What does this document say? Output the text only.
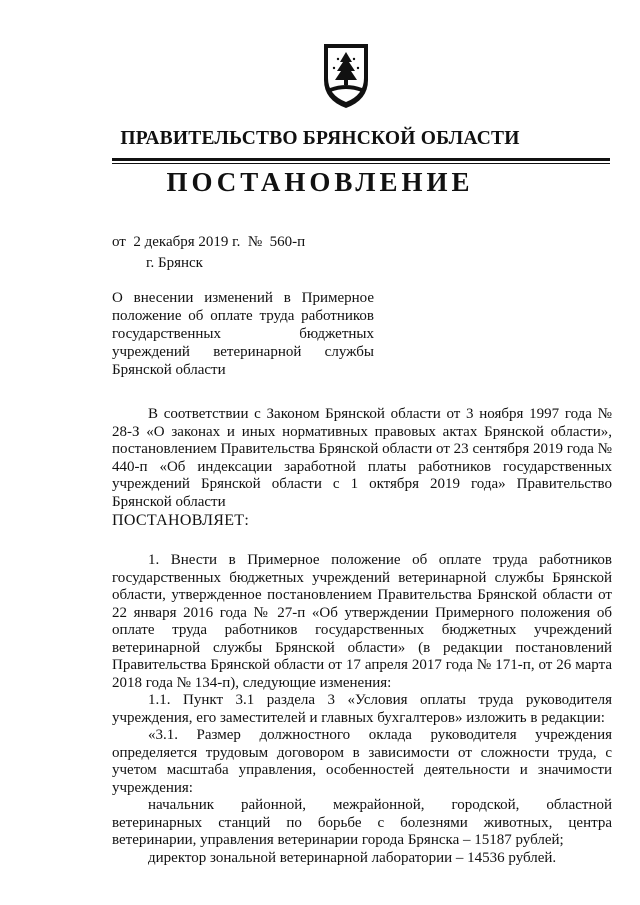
ПРАВИТЕЛЬСТВО БРЯНСКОЙ ОБЛАСТИ
ПОСТАНОВЛЕНИЕ
от  2 декабря 2019 г.  №  560-п
г. Брянск
О внесении изменений в Примерное положение об оплате труда работников государственных бюджетных учреждений ветеринарной службы Брянской области

В соответствии с Законом Брянской области от 3 ноября 1997 года № 28-З «О законах и иных нормативных правовых актах Брянской области», постановлением Правительства Брянской области от 23 сентября 2019 года № 440-п «Об индексации заработной платы работников государственных учреждений Брянской области с 1 октября 2019 года» Правительство Брянской области

ПОСТАНОВЛЯЕТ:

1. Внести в Примерное положение об оплате труда работников государственных бюджетных учреждений ветеринарной службы Брянской области, утвержденное постановлением Правительства Брянской области от 22 января 2016 года № 27-п «Об утверждении Примерного положения об оплате труда работников государственных бюджетных учреждений ветеринарной службы Брянской области» (в редакции постановлений Правительства Брянской области от 17 апреля 2017 года № 171-п, от 26 марта 2018 года № 134-п), следующие изменения:

1.1. Пункт 3.1 раздела 3 «Условия оплаты труда руководителя учреждения, его заместителей и главных бухгалтеров» изложить в редакции:

«3.1. Размер должностного оклада руководителя учреждения определяется трудовым договором в зависимости от сложности труда, с учетом масштаба управления, особенностей деятельности и значимости учреждения:

начальник районной, межрайонной, городской, областной ветеринарных станций по борьбе с болезнями животных, центра ветеринарии, управления ветеринарии города Брянска – 15187 рублей;

директор зональной ветеринарной лаборатории – 14536 рублей.
